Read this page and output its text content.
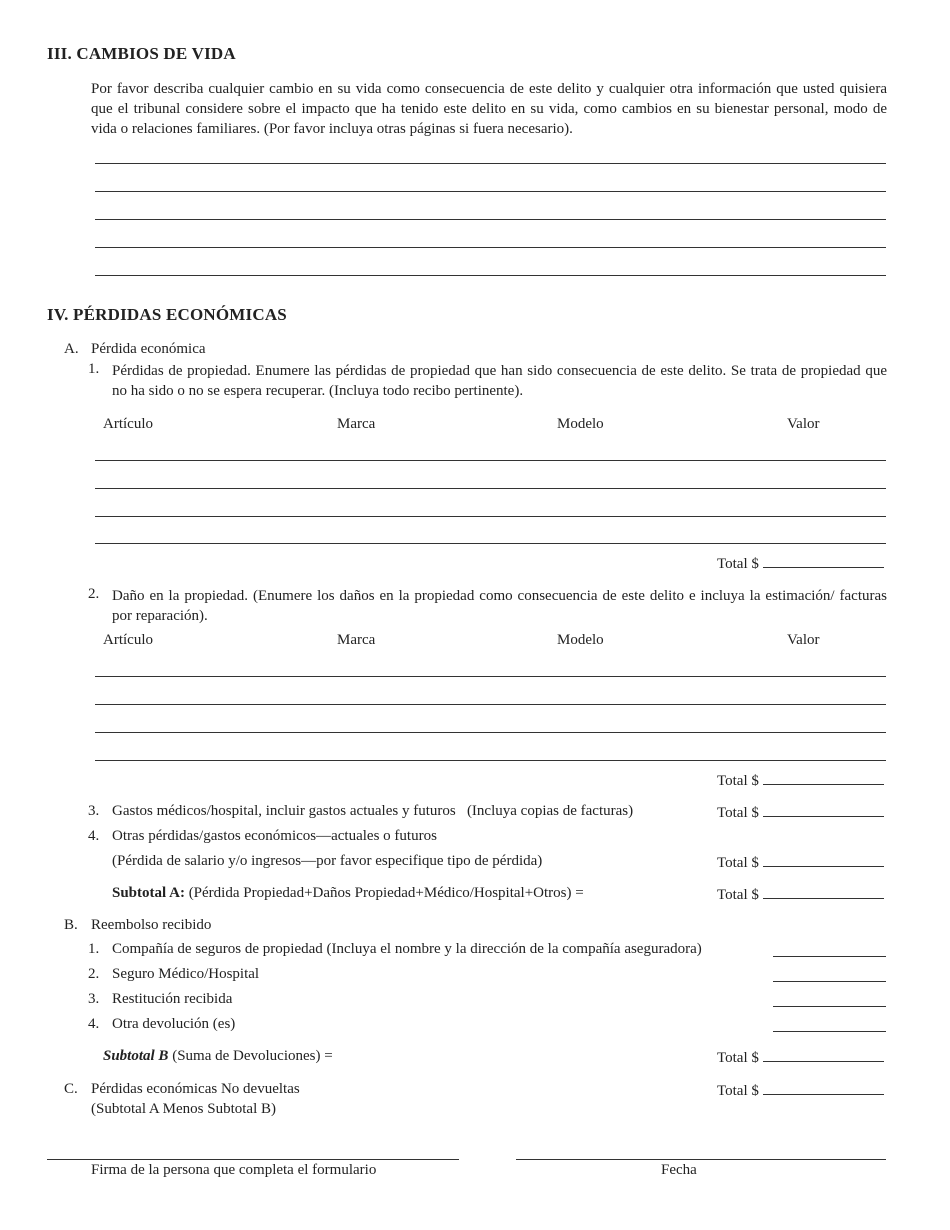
III. CAMBIOS DE VIDA
Por favor describa cualquier cambio en su vida como consecuencia de este delito y cualquier otra información que usted quisiera que el tribunal considere sobre el impacto que ha tenido este delito en su vida, como cambios en su bienestar personal, modo de vida o relaciones familiares. (Por favor incluya otras páginas si fuera necesario).
IV. PÉRDIDAS ECONÓMICAS
A. Pérdida económica
1. Pérdidas de propiedad. Enumere las pérdidas de propiedad que han sido consecuencia de este delito. Se trata de propiedad que no ha sido o no se espera recuperar. (Incluya todo recibo pertinente).
Artículo	Marca	Modelo	Valor
Total $
2. Daño en la propiedad. (Enumere los daños en la propiedad como consecuencia de este delito e incluya la estimación/ facturas por reparación).
Artículo	Marca	Modelo	Valor
Total $
3. Gastos médicos/hospital, incluir gastos actuales y futuros   (Incluya copias de facturas)	Total $
4. Otras pérdidas/gastos económicos—actuales o futuros
(Pérdida de salario y/o ingresos—por favor especifique tipo de pérdida)	Total $
Subtotal A: (Pérdida Propiedad+Daños Propiedad+Médico/Hospital+Otros) =	Total $
B. Reembolso recibido
1. Compañía de seguros de propiedad (Incluya el nombre y la dirección de la compañía aseguradora)
2. Seguro Médico/Hospital
3. Restitución recibida
4. Otra devolución (es)
Subtotal B (Suma de Devoluciones) =	Total $
C. Pérdidas económicas No devueltas
(Subtotal A Menos Subtotal B)
Total $
Firma de la persona que completa el formulario	Fecha
